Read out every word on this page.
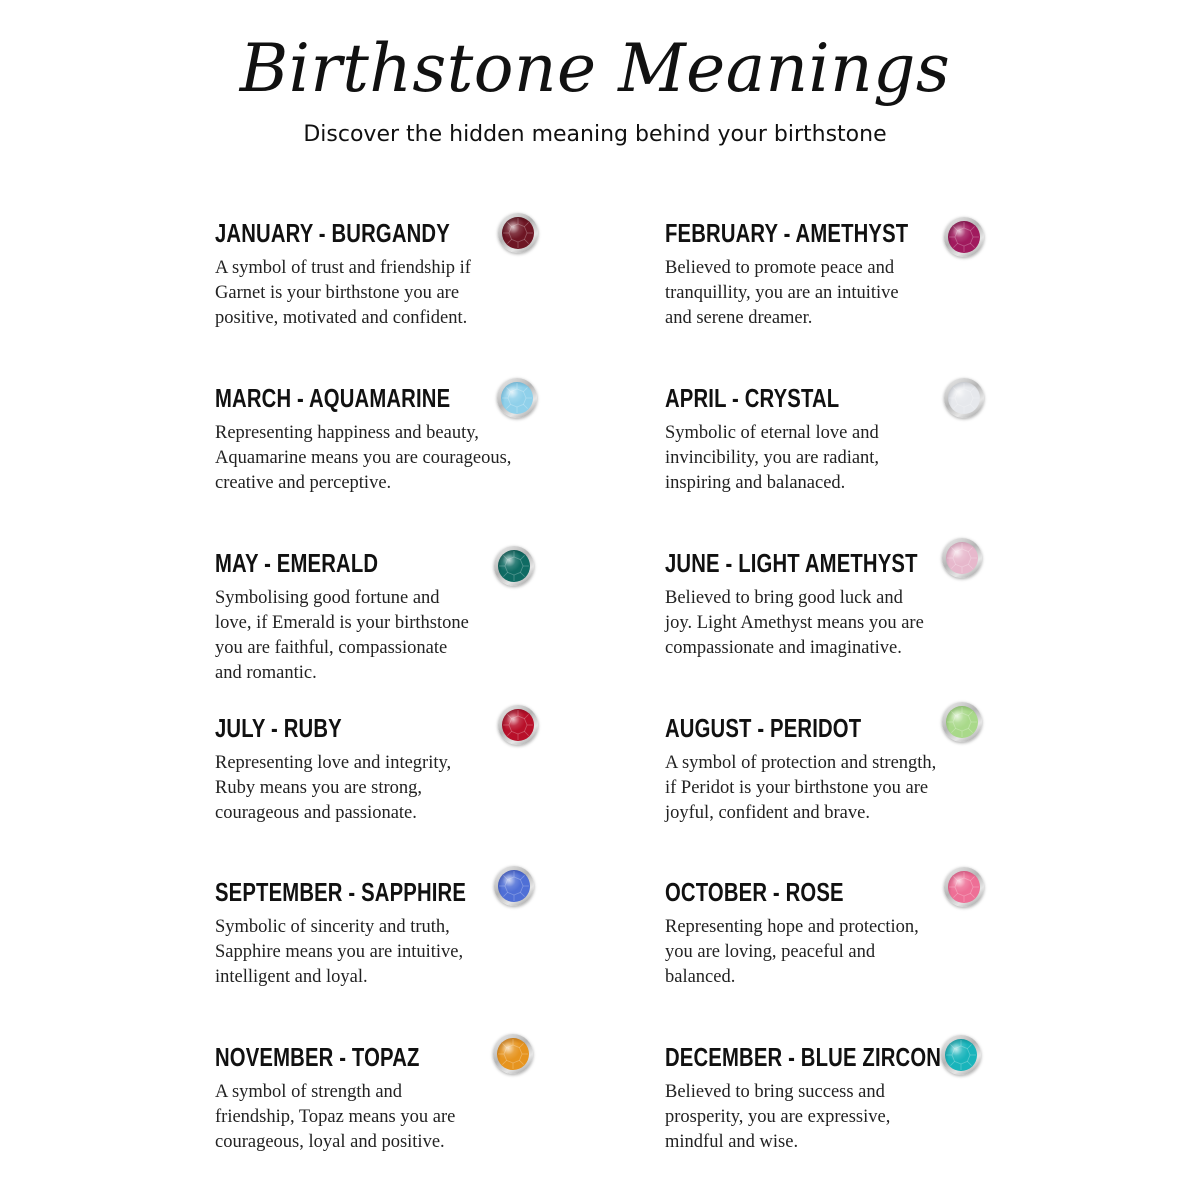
Birthstone Meanings

Discover the hidden meaning behind your birthstone

JANUARY - BURGANDY

A symbol of trust and friendship if
Garnet is your birthstone you are
positive, motivated and confident.

MARCH - AQUAMARINE

Representing happiness and beauty,
Aquamarine means you are courageous,
creative and perceptive.

MAY - EMERALD

Symbolising good fortune and
love, if Emerald is your birthstone
you are faithful, compassionate
and romantic.

JULY - RUBY

Representing love and integrity,
Ruby means you are strong,
courageous and passionate.

SEPTEMBER - SAPPHIRE

Symbolic of sincerity and truth,
Sapphire means you are intuitive,
intelligent and loyal.

NOVEMBER - TOPAZ

A symbol of strength and
friendship, Topaz means you are
courageous, loyal and positive.

FEBRUARY - AMETHYST

Believed to promote peace and
tranquillity, you are an intuitive
and serene dreamer.

APRIL - CRYSTAL

Symbolic of eternal love and
invincibility, you are radiant,
inspiring and balanaced.

JUNE - LIGHT AMETHYST

Believed to bring good luck and
joy. Light Amethyst means you are
compassionate and imaginative.

AUGUST - PERIDOT

A symbol of protection and strength,
if Peridot is your birthstone you are
joyful, confident and brave.

OCTOBER - ROSE

Representing hope and protection,
you are loving, peaceful and
balanced.

DECEMBER - BLUE ZIRCON

Believed to bring success and
prosperity, you are expressive,
mindful and wise.
